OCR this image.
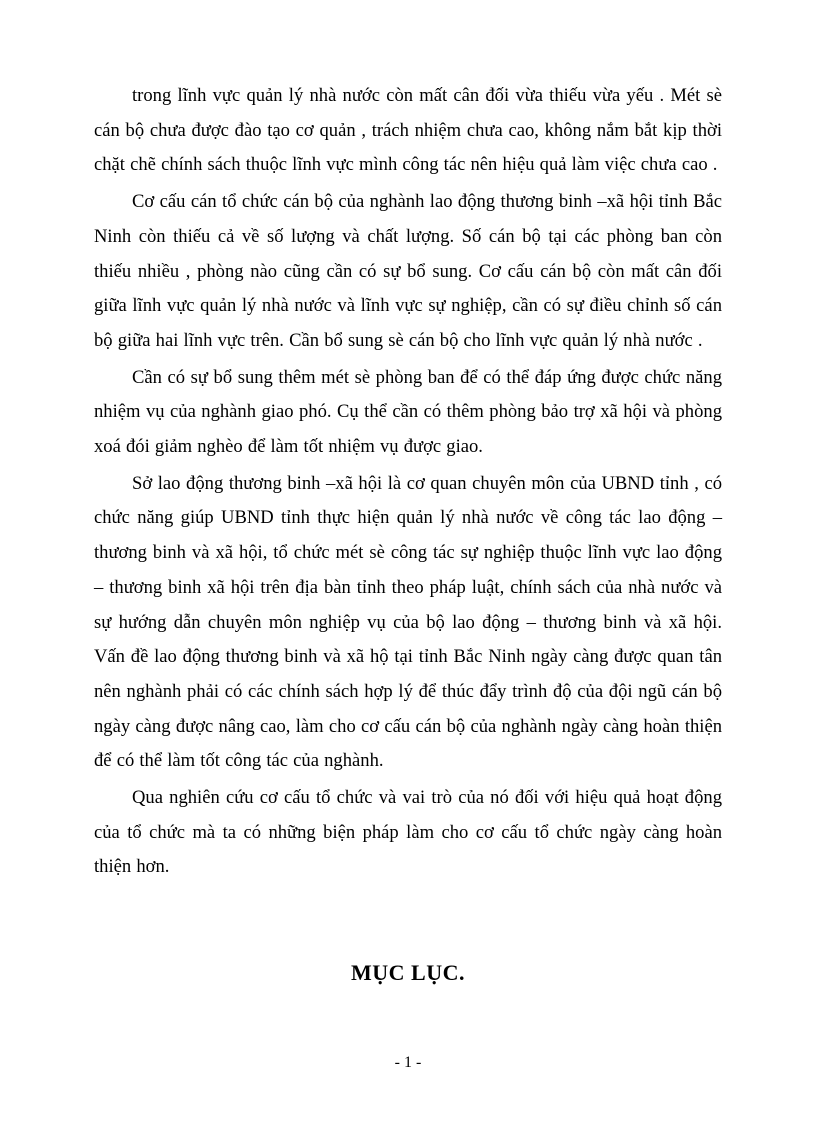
trong lĩnh vực quản lý nhà nước còn mất cân đối vừa thiếu vừa yếu . Mét sè cán bộ chưa được đào tạo cơ quản , trách nhiệm chưa cao, không nắm bắt kịp thời chặt chẽ chính sách thuộc lĩnh vực mình công tác nên hiệu quả làm việc chưa cao .

Cơ cấu cán tổ chức cán bộ của nghành lao động thương binh –xã hội tỉnh Bắc Ninh còn thiếu cả về số lượng và chất lượng. Số cán bộ tại các phòng ban còn thiếu nhiều , phòng nào cũng cần có sự bổ sung. Cơ cấu cán bộ còn mất cân đối giữa lĩnh vực quản lý nhà nước và lĩnh vực sự nghiệp, cần có sự điều chỉnh số cán bộ giữa hai lĩnh vực trên. Cần bổ sung sè cán bộ cho lĩnh vực quản lý nhà nước .

Cần có sự bổ sung thêm mét sè phòng ban để có thể đáp ứng được chức năng nhiệm vụ của nghành giao phó. Cụ thể cần có thêm phòng bảo trợ xã hội và phòng xoá đói giảm nghèo để làm tốt nhiệm vụ được giao.

Sở lao động thương binh –xã hội là cơ quan chuyên môn của UBND tỉnh , có chức năng giúp UBND tỉnh thực hiện quản lý nhà nước về công tác lao động – thương binh và xã hội, tổ chức mét sè công tác sự nghiệp thuộc lĩnh vực lao động – thương binh xã hội trên địa bàn tỉnh theo pháp luật, chính sách của nhà nước và sự hướng dẫn chuyên môn nghiệp vụ của bộ lao động – thương binh và xã hội. Vấn đề lao động thương binh và xã hộ tại tỉnh Bắc Ninh ngày càng được quan tân nên nghành phải có các chính sách hợp lý để thúc đẩy trình độ của đội ngũ cán bộ ngày càng được nâng cao, làm cho cơ cấu cán bộ của nghành ngày càng hoàn thiện để có thể làm tốt công tác của nghành.

Qua nghiên cứu cơ cấu tổ chức và vai trò của nó đối với hiệu quả hoạt động của tổ chức mà ta có những biện pháp làm cho cơ cấu tổ chức ngày càng hoàn thiện hơn.

MỤC LỤC.
- 1 -
